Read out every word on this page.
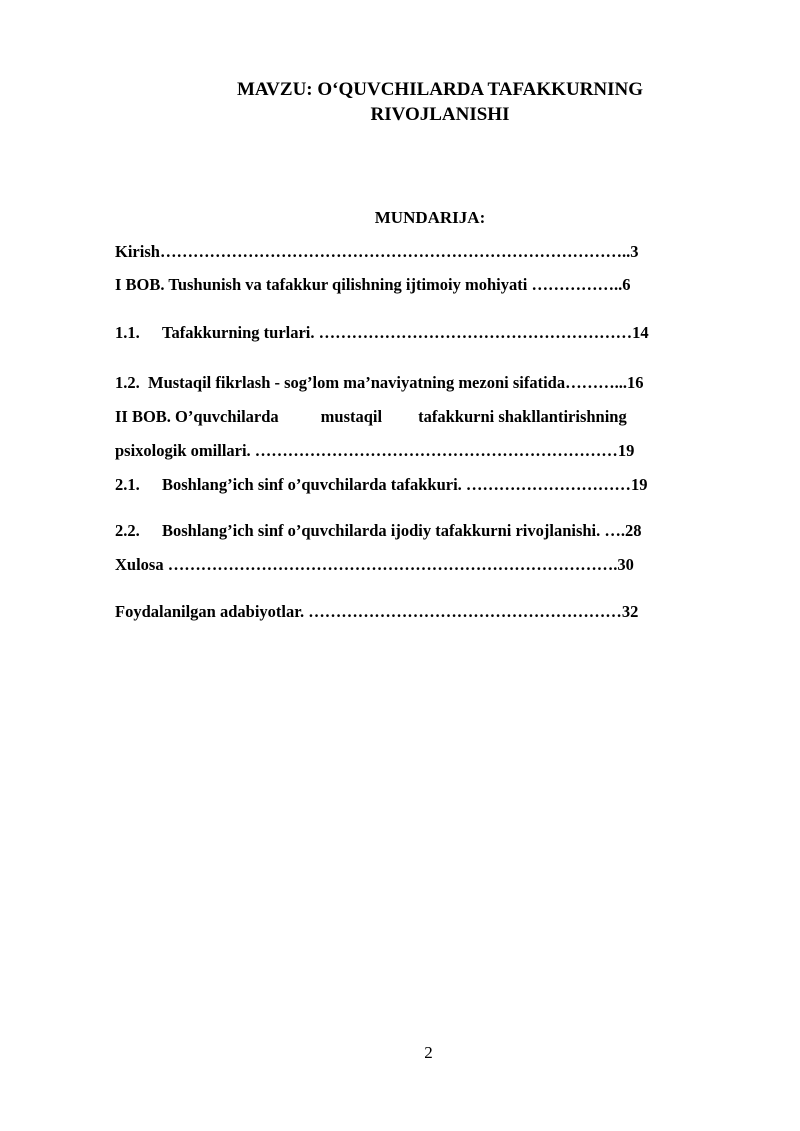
MAVZU: O‘QUVCHILARDA TAFAKKURNING
RIVOJLANISHI
MUNDARIJA:
Kirish…………………………………………………………………………..3
I BOB. Tushunish va tafakkur qilishning ijtimoiy mohiyati ……………..6
1.1. Tafakkurning turlari. …………………………………………………14
1.2. Mustaqil fikrlash - sog’lom ma’naviyatning mezoni sifatida………...16
II BOB. O’quvchilarda	mustaqil tafakkurni shakllantirishning
psixologik omillari. …………………………………………………………19
2.1. Boshlang’ich sinf o’quvchilarda tafakkuri. …………………………19
2.2. Boshlang’ich sinf o’quvchilarda ijodiy tafakkurni rivojlanishi. ….28
Xulosa ……………………………………………………………………….30
Foydalanilgan adabiyotlar. …………………………………………………32
2
